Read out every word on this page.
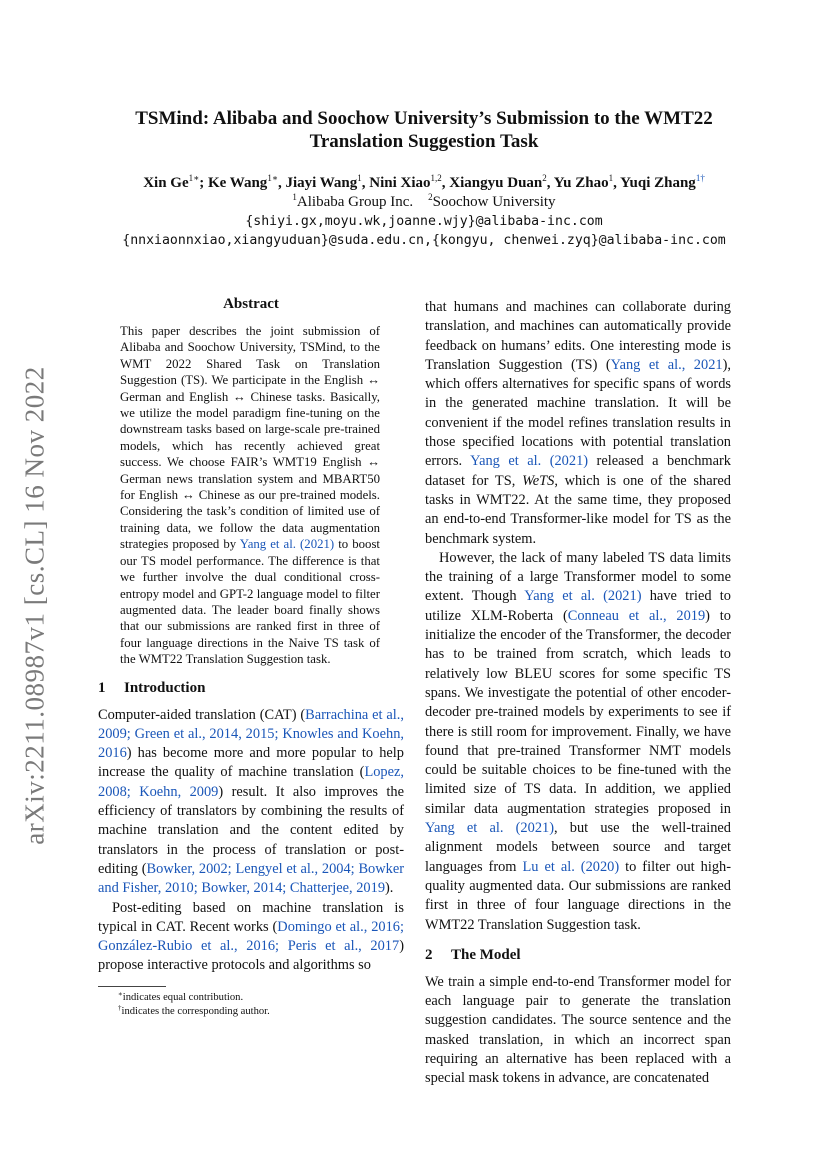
arXiv:2211.08987v1 [cs.CL] 16 Nov 2022
TSMind: Alibaba and Soochow University’s Submission to the WMT22 Translation Suggestion Task
Xin $Ge^{1∗}$; Ke Wang$^{1∗}$, Jiayi Wang$^1$, Nini Xiao$^{1,2}$, Xiangyu Duan$^2$, Yu Zhao$^1$, Yuqi Zhang$^{1\dagger}$
$^1$Alibaba Group Inc. $^2$Soochow University
{shiyi.gx,moyu.wk,joanne.wjy}@alibaba-inc.com
{nnxiaonnxiao,xiangyuduan}@suda.edu.cn,{kongyu, chenwei.zyq}@alibaba-inc.com
Abstract

This paper describes the joint submission of Alibaba and Soochow University, TSMind, to the WMT 2022 Shared Task on Translation Suggestion (TS). We participate in the English ↔ German and English ↔ Chinese tasks. Basically, we utilize the model paradigm fine-tuning on the downstream tasks based on large-scale pre-trained models, which has recently achieved great success. We choose FAIR’s WMT19 English ↔ German news translation system and MBART50 for English ↔ Chinese as our pre-trained models. Considering the task’s condition of limited use of training data, we follow the data augmentation strategies proposed by Yang et al. (2021) to boost our TS model performance. The difference is that we further involve the dual conditional cross-entropy model and GPT-2 language model to filter augmented data. The leader board finally shows that our submissions are ranked first in three of four language directions in the Naive TS task of the WMT22 Translation Suggestion task.

1 Introduction

Computer-aided translation (CAT) (Barrachina et al., 2009; Green et al., 2014, 2015; Knowles and Koehn, 2016) has become more and more popular to help increase the quality of machine translation (Lopez, 2008; Koehn, 2009) result. It also improves the efficiency of translators by combining the results of machine translation and the content edited by translators in the process of translation or post-editing (Bowker, 2002; Lengyel et al., 2004; Bowker and Fisher, 2010; Bowker, 2014; Chatterjee, 2019).

Post-editing based on machine translation is typical in CAT. Recent works (Domingo et al., 2016; González-Rubio et al., 2016; Peris et al., 2017) propose interactive protocols and algorithms so

∗indicates equal contribution.
†indicates the corresponding author.

that humans and machines can collaborate during translation, and machines can automatically provide feedback on humans’ edits. One interesting mode is Translation Suggestion (TS) (Yang et al., 2021), which offers alternatives for specific spans of words in the generated machine translation. It will be convenient if the model refines translation results in those specified locations with potential translation errors. Yang et al. (2021) released a benchmark dataset for TS, WeTS, which is one of the shared tasks in WMT22. At the same time, they proposed an end-to-end Transformer-like model for TS as the benchmark system.

However, the lack of many labeled TS data limits the training of a large Transformer model to some extent. Though Yang et al. (2021) have tried to utilize XLM-Roberta (Conneau et al., 2019) to initialize the encoder of the Transformer, the decoder has to be trained from scratch, which leads to relatively low BLEU scores for some specific TS spans. We investigate the potential of other encoder-decoder pre-trained models by experiments to see if there is still room for improvement. Finally, we have found that pre-trained Transformer NMT models could be suitable choices to be fine-tuned with the limited size of TS data. In addition, we applied similar data augmentation strategies proposed in Yang et al. (2021), but use the well-trained alignment models between source and target languages from Lu et al. (2020) to filter out high-quality augmented data. Our submissions are ranked first in three of four language directions in the WMT22 Translation Suggestion task.

2 The Model

We train a simple end-to-end Transformer model for each language pair to generate the translation suggestion candidates. The source sentence and the masked translation, in which an incorrect span requiring an alternative has been replaced with a special mask tokens in advance, are concatenated
